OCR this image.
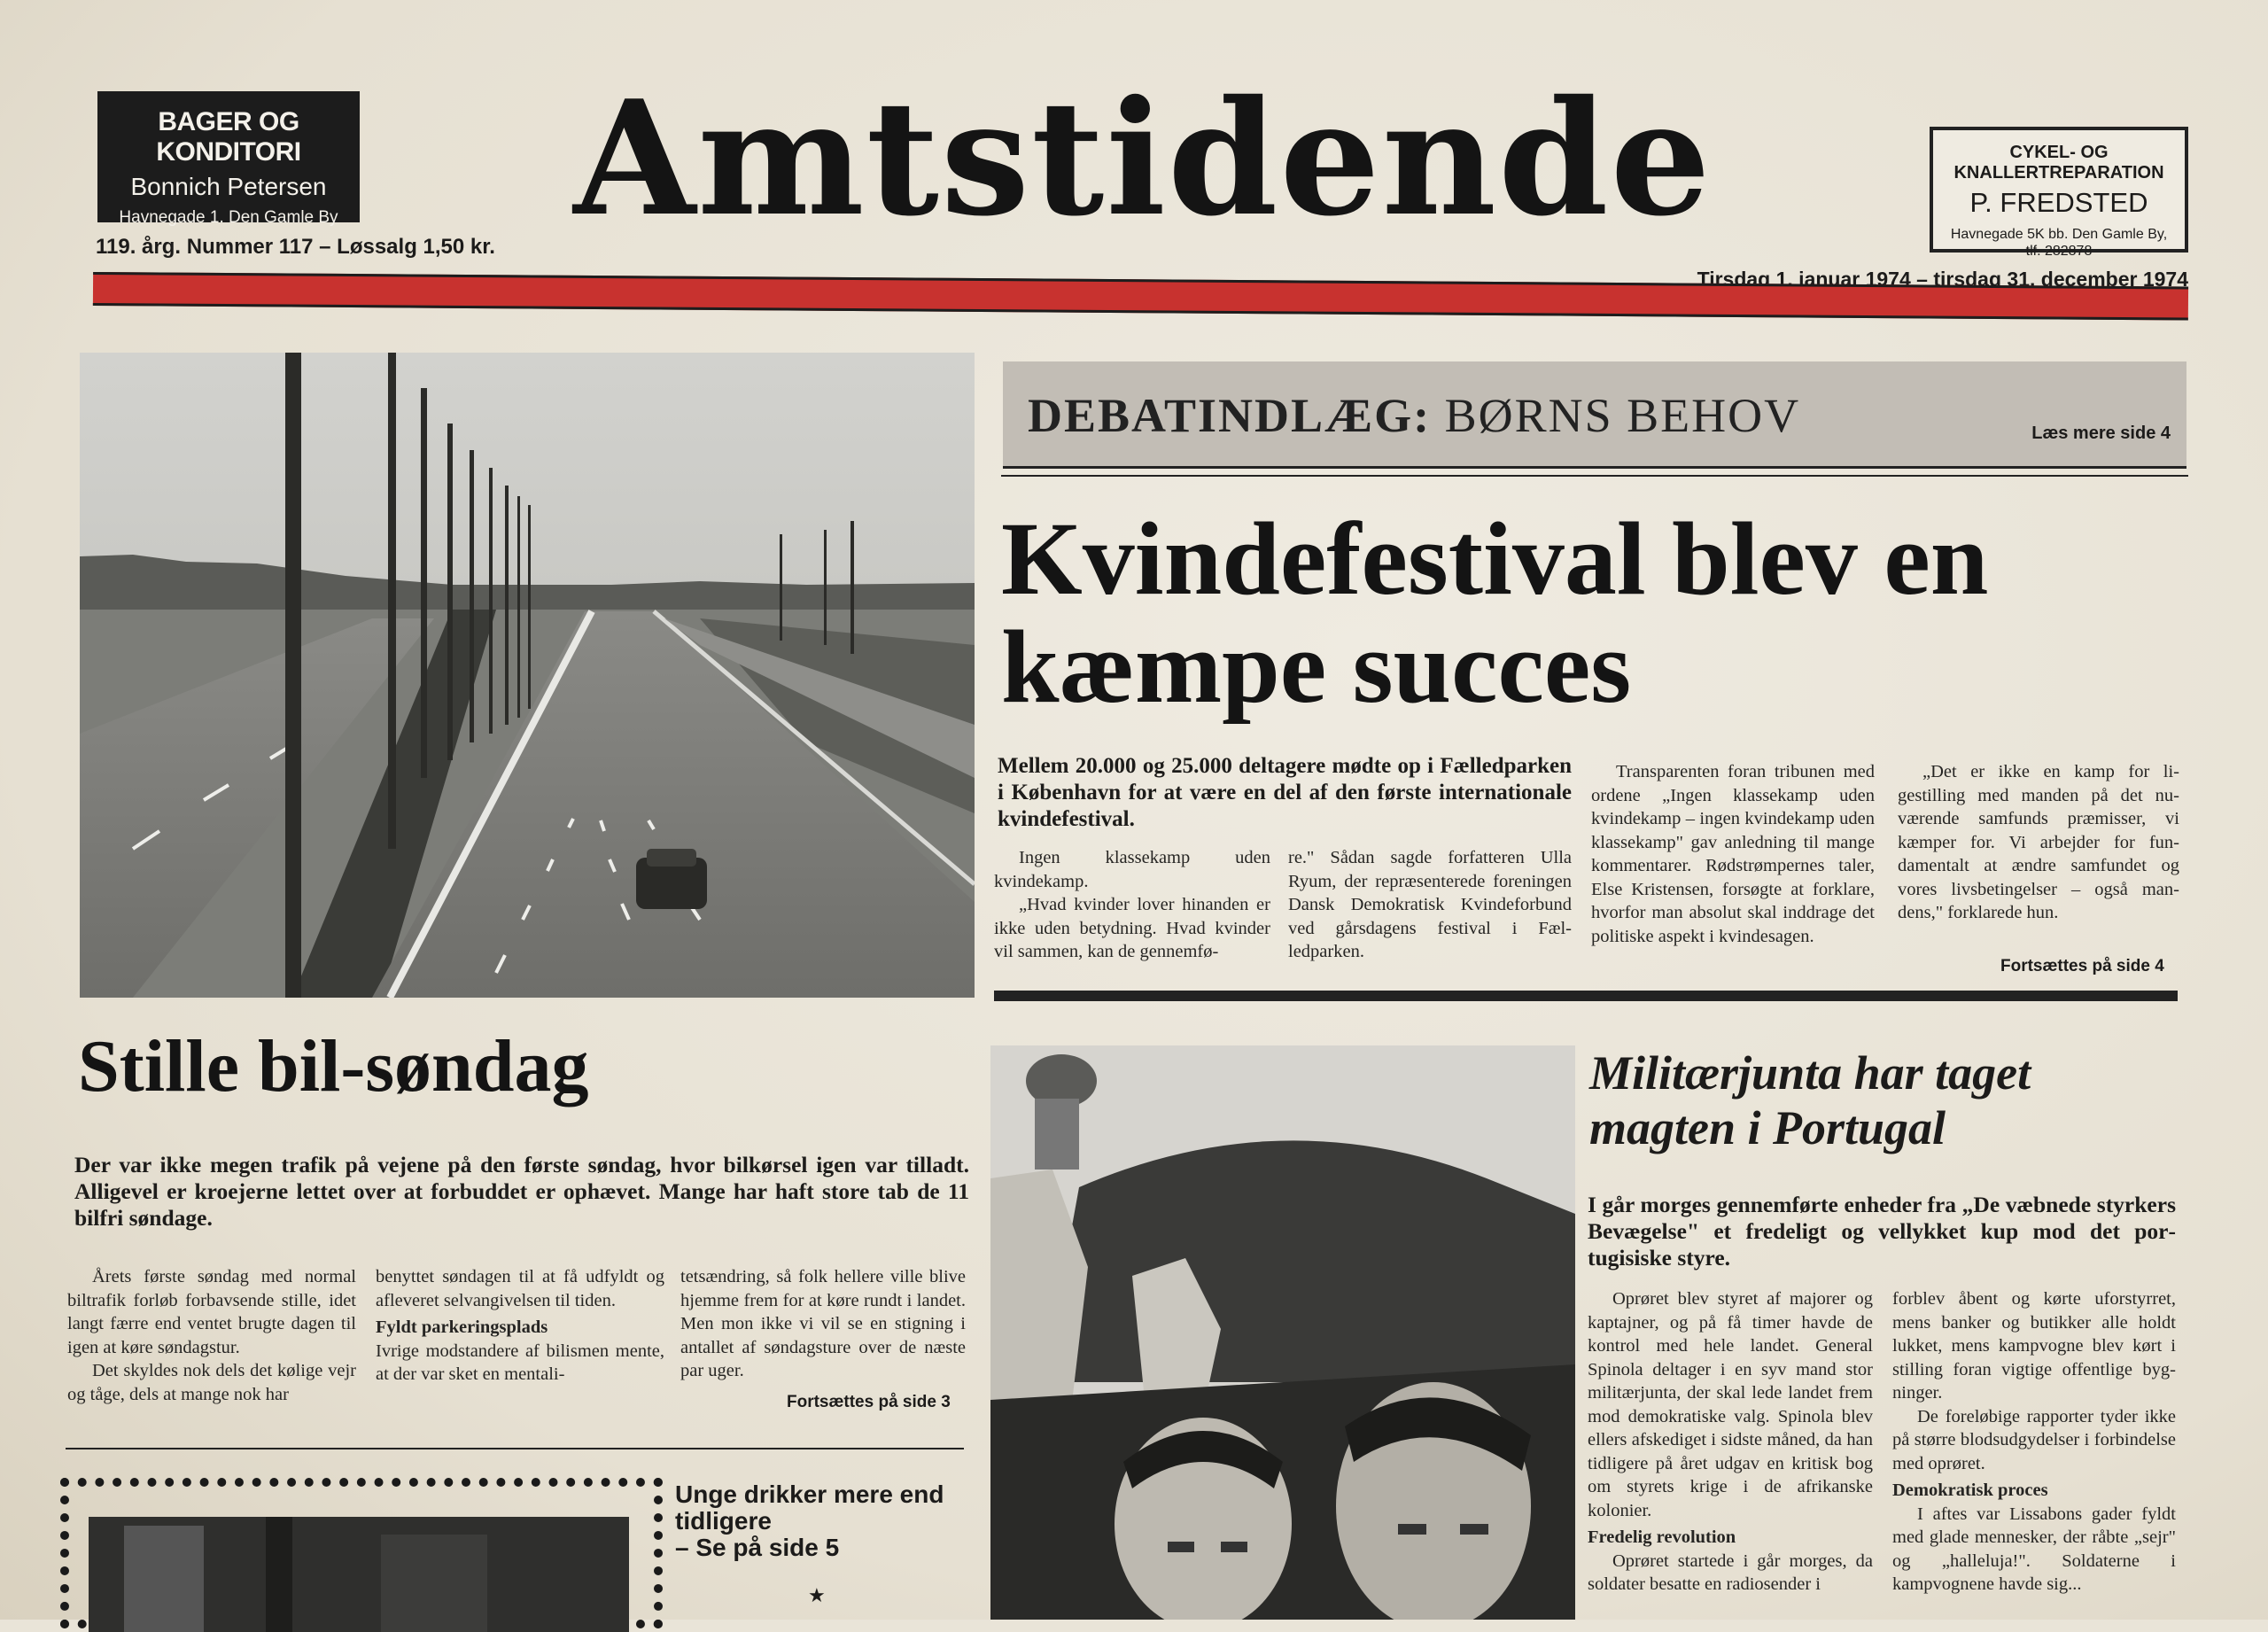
BAGER OG KONDITORI
Bonnich Petersen
Havnegade 1. Den Gamle By Amtstidende	CYKEL- OG KNALLERTREPARATION
P. FREDSTED
Havnegade 5K bb. Den Gamle By,
tlf. 282878
119. årg. Nummer 117 – Løssalg 1,50 kr.
Tirsdag 1. januar 1974 – tirsdag 31. december 1974
DEBATINDLÆG: BØRNS BEHOV	Læs mere side 4
Kvindefestival blev en
kæmpe succes
Mellem 20.000 og 25.000 deltagere mødte op i Fælledparken i København for at være en del af den første internationale kvindefestival.

Ingen klassekamp uden kvindekamp.

„Hvad kvinder lover hinanden er ikke uden betydning. Hvad kvinder vil sammen, kan de gennemfø-

re." Sådan sagde forfatteren Ulla Ryum, der repræsenterede foreningen Dansk Demokratisk Kvindeforbund ved gårsdagens festival i Fælledparken.

Transparenten foran tribunen med ordene „Ingen klassekamp uden kvindekamp – ingen kvindekamp uden klassekamp" gav anledning til mange kommentarer. Rødstrømpernes taler, Else Kristensen, forsøgte at forklare, hvorfor man absolut skal inddrage det politiske aspekt i kvindesagen.

„Det er ikke en kamp for ligestilling med manden på det nuværende samfunds præmisser, vi kæmper for. Vi arbejder for fundamentalt at ændre samfundet og vores livsbetingelser – også mandens," forklarede hun.

Fortsættes på side 4
Stille bil-søndag
Der var ikke megen trafik på vejene på den første søndag, hvor bilkørsel igen var tilladt. Alligevel er kroejerne lettet over at forbuddet er ophævet. Mange har haft store tab de 11 bilfri søndage.

Årets første søndag med normal biltrafik forløb forbavsende stille, idet langt færre end ventet brugte dagen til igen at køre søndagstur.

Det skyldes nok dels det kølige vejr og tåge, dels at mange nok har

benyttet søndagen til at få udfyldt og afleveret selvangivelsen til tiden.

Fyldt parkeringsplads

Ivrige modstandere af bilismen mente, at der var sket en mentali-

tetsændring, så folk hellere ville blive hjemme frem for at køre rundt i landet. Men mon ikke vi vil se en stigning i antallet af søndagsture over de næste par uger.

Fortsættes på side 3
Unge drikker mere end
tidligere
– Se på side 5
★
Militærjunta har taget
magten i Portugal
I går morges gennemførte enheder fra „De væbnede styrkers Bevægelse" et fredeligt og vellykket kup mod det portugisiske styre.

Oprøret blev styret af majorer og kaptajner, og på få timer havde de kontrol med hele landet. General Spinola deltager i en syv mand stor militærjunta, der skal lede landet frem mod demokratiske valg. Spinola blev ellers afskediget i sidste måned, da han tidligere på året udgav en kritisk bog om styrets krige i de afrikanske kolonier.

Fredelig revolution

Oprøret startede i går morges, da soldater besatte en radiosender i

forblev åbent og kørte uforstyrret, mens banker og butikker alle holdt lukket, mens kampvogne blev kørt i stilling foran vigtige offentlige bygninger.

De foreløbige rapporter tyder ikke på større blodsudgydelser i forbindelse med oprøret.

Demokratisk proces

I aftes var Lissabons gader fyldt med glade mennesker, der råbte „sejr" og „halleluja!". Soldaterne i kampvognene havde sig...
